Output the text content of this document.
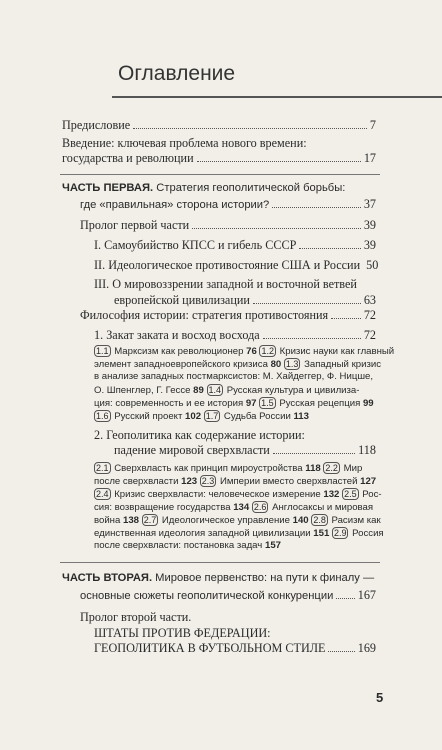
Оглавление
Предисловие	7
Введение: ключевая проблема нового времени:
государства и революции	17
ЧАСТЬ ПЕРВАЯ. Стратегия геополитической борьбы:
где «правильная» сторона истории?	37
Пролог первой части	39
I. Самоубийство КПСС и гибель СССР	39
II. Идеологическое противостояние США и России 50
III. О мировоззрении западной и восточной ветвей
европейской цивилизации	63
Философия истории: стратегия противостояния	72
1. Закат заката и восход восхода	72
1.1 Марксизм как революционер 76 1.2 Кризис науки как главный
элемент западноевропейского кризиса 80 1.3 Западный кризис
в анализе западных постмарксистов: М. Хайдеггер, Ф. Ницше,
О. Шпенглер, Г. Гессе 89 1.4 Русская культура и цивилиза-
ция: современность и ее история 97 1.5 Русская рецепция 99
1.6 Русский проект 102 1.7 Судьба России 113
2. Геополитика как содержание истории:
падение мировой сверхвласти	118
2.1 Сверхвласть как принцип мироустройства 118 2.2 Мир
после сверхвласти 123 2.3 Империи вместо сверхвластей 127
2.4 Кризис сверхвласти: человеческое измерение 132 2.5 Рос-
сия: возвращение государства 134 2.6 Англосаксы и мировая
война 138 2.7 Идеологическое управление 140 2.8 Расизм как
единственная идеология западной цивилизации 151 2.9 Россия
после сверхвласти: постановка задач 157
ЧАСТЬ ВТОРАЯ. Мировое первенство: на пути к финалу —
основные сюжеты геополитической конкуренции 167
Пролог второй части.
ШТАТЫ ПРОТИВ ФЕДЕРАЦИИ:
ГЕОПОЛИТИКА В ФУТБОЛЬНОМ СТИЛЕ	169
5
